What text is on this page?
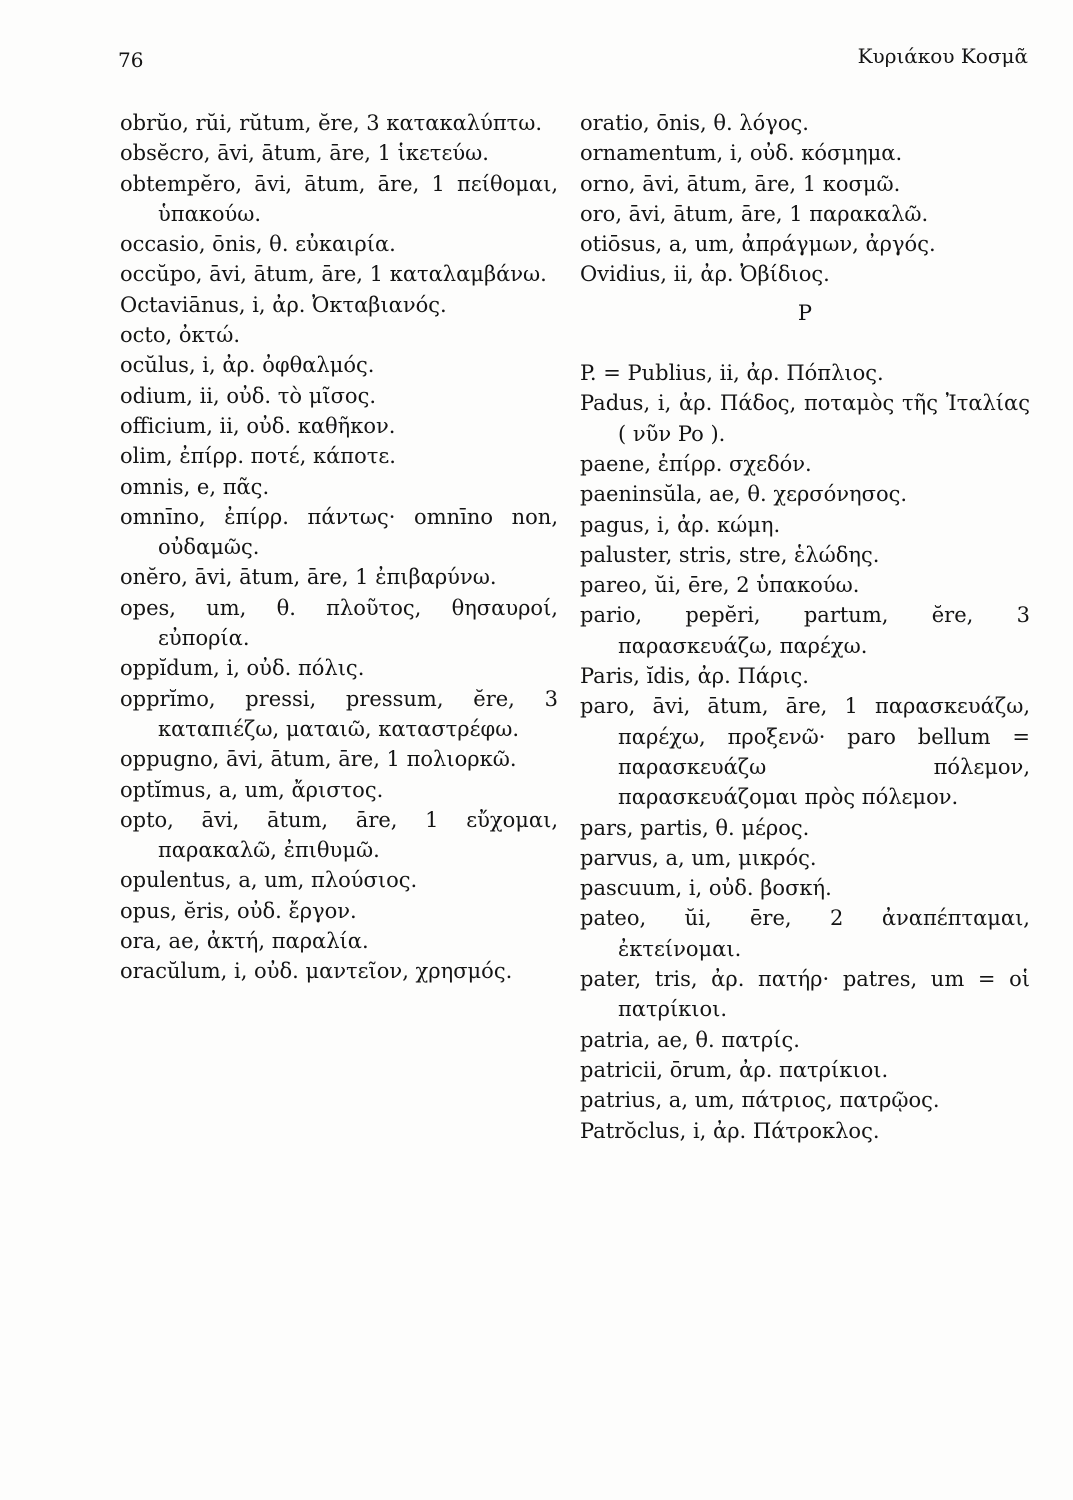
76	Κυριάκου Κοσμᾶ

obrŭo, rŭi, rŭtum, ĕre, 3 κατακαλύπτω.

obsĕcro, āvi, ātum, āre, 1 ἱκετεύω.

obtempĕro, āvi, ātum, āre, 1 πείθομαι, ὑπακούω.

occasio, ōnis, θ. εὐκαιρία.

occŭpo, āvi, ātum, āre, 1 καταλαμβάνω.

Octaviānus, i, ἀρ. Ὀκταβιανός.

octo, ὀκτώ.

ocŭlus, i, ἀρ. ὀφθαλμός.

odium, ii, οὐδ. τὸ μῖσος.

officium, ii, οὐδ. καθῆκον.

olim, ἐπίρρ. ποτέ, κάποτε.

omnis, e, πᾶς.

omnīno, ἐπίρρ. πάντως· omnīno non, οὐδαμῶς.

onĕro, āvi, ātum, āre, 1 ἐπιβαρύνω.

opes, um, θ. πλοῦτος, θησαυροί, εὐπορία.

oppĭdum, i, οὐδ. πόλις.

opprĭmo, pressi, pressum, ĕre, 3 καταπιέζω, ματαιῶ, καταστρέφω.

oppugno, āvi, ātum, āre, 1 πολιορκῶ.

optĭmus, a, um, ἄριστος.

opto, āvi, ātum, āre, 1 εὔχομαι, παρακαλῶ, ἐπιθυμῶ.

opulentus, a, um, πλούσιος.

opus, ĕris, οὐδ. ἔργον.

ora, ae, ἀκτή, παραλία.

oracŭlum, i, οὐδ. μαντεῖον, χρησμός.

oratio, ōnis, θ. λόγος.

ornamentum, i, οὐδ. κόσμημα.

orno, āvi, ātum, āre, 1 κοσμῶ.

oro, āvi, ātum, āre, 1 παρακαλῶ.

otiōsus, a, um, ἀπράγμων, ἀργός.

Ovidius, ii, ἀρ. Ὀβίδιος.

P

P. = Publius, ii, ἀρ. Πόπλιος.

Padus, i, ἀρ. Πάδος, ποταμὸς τῆς Ἰταλίας ( νῦν Po ).

paene, ἐπίρρ. σχεδόν.

paeninsŭla, ae, θ. χερσόνησος.

pagus, i, ἀρ. κώμη.

paluster, stris, stre, ἑλώδης.

pareo, ŭi, ēre, 2 ὑπακούω.

pario, pepĕri, partum, ĕre, 3 παρασκευάζω, παρέχω.

Paris, ĭdis, ἀρ. Πάρις.

paro, āvi, ātum, āre, 1 παρασκευάζω, παρέχω, προξενῶ· paro bellum = παρασκευάζω πόλεμον, παρασκευάζομαι πρὸς πόλεμον.

pars, partis, θ. μέρος.

parvus, a, um, μικρός.

pascuum, i, οὐδ. βοσκή.

pateo, ŭi, ēre, 2 ἀναπέπταμαι, ἐκτείνομαι.

pater, tris, ἀρ. πατήρ· patres, um = οἱ πατρίκιοι.

patria, ae, θ. πατρίς.

patricii, ōrum, ἀρ. πατρίκιοι.

patrius, a, um, πάτριος, πατρῷος.

Patrŏclus, i, ἀρ. Πάτροκλος.
